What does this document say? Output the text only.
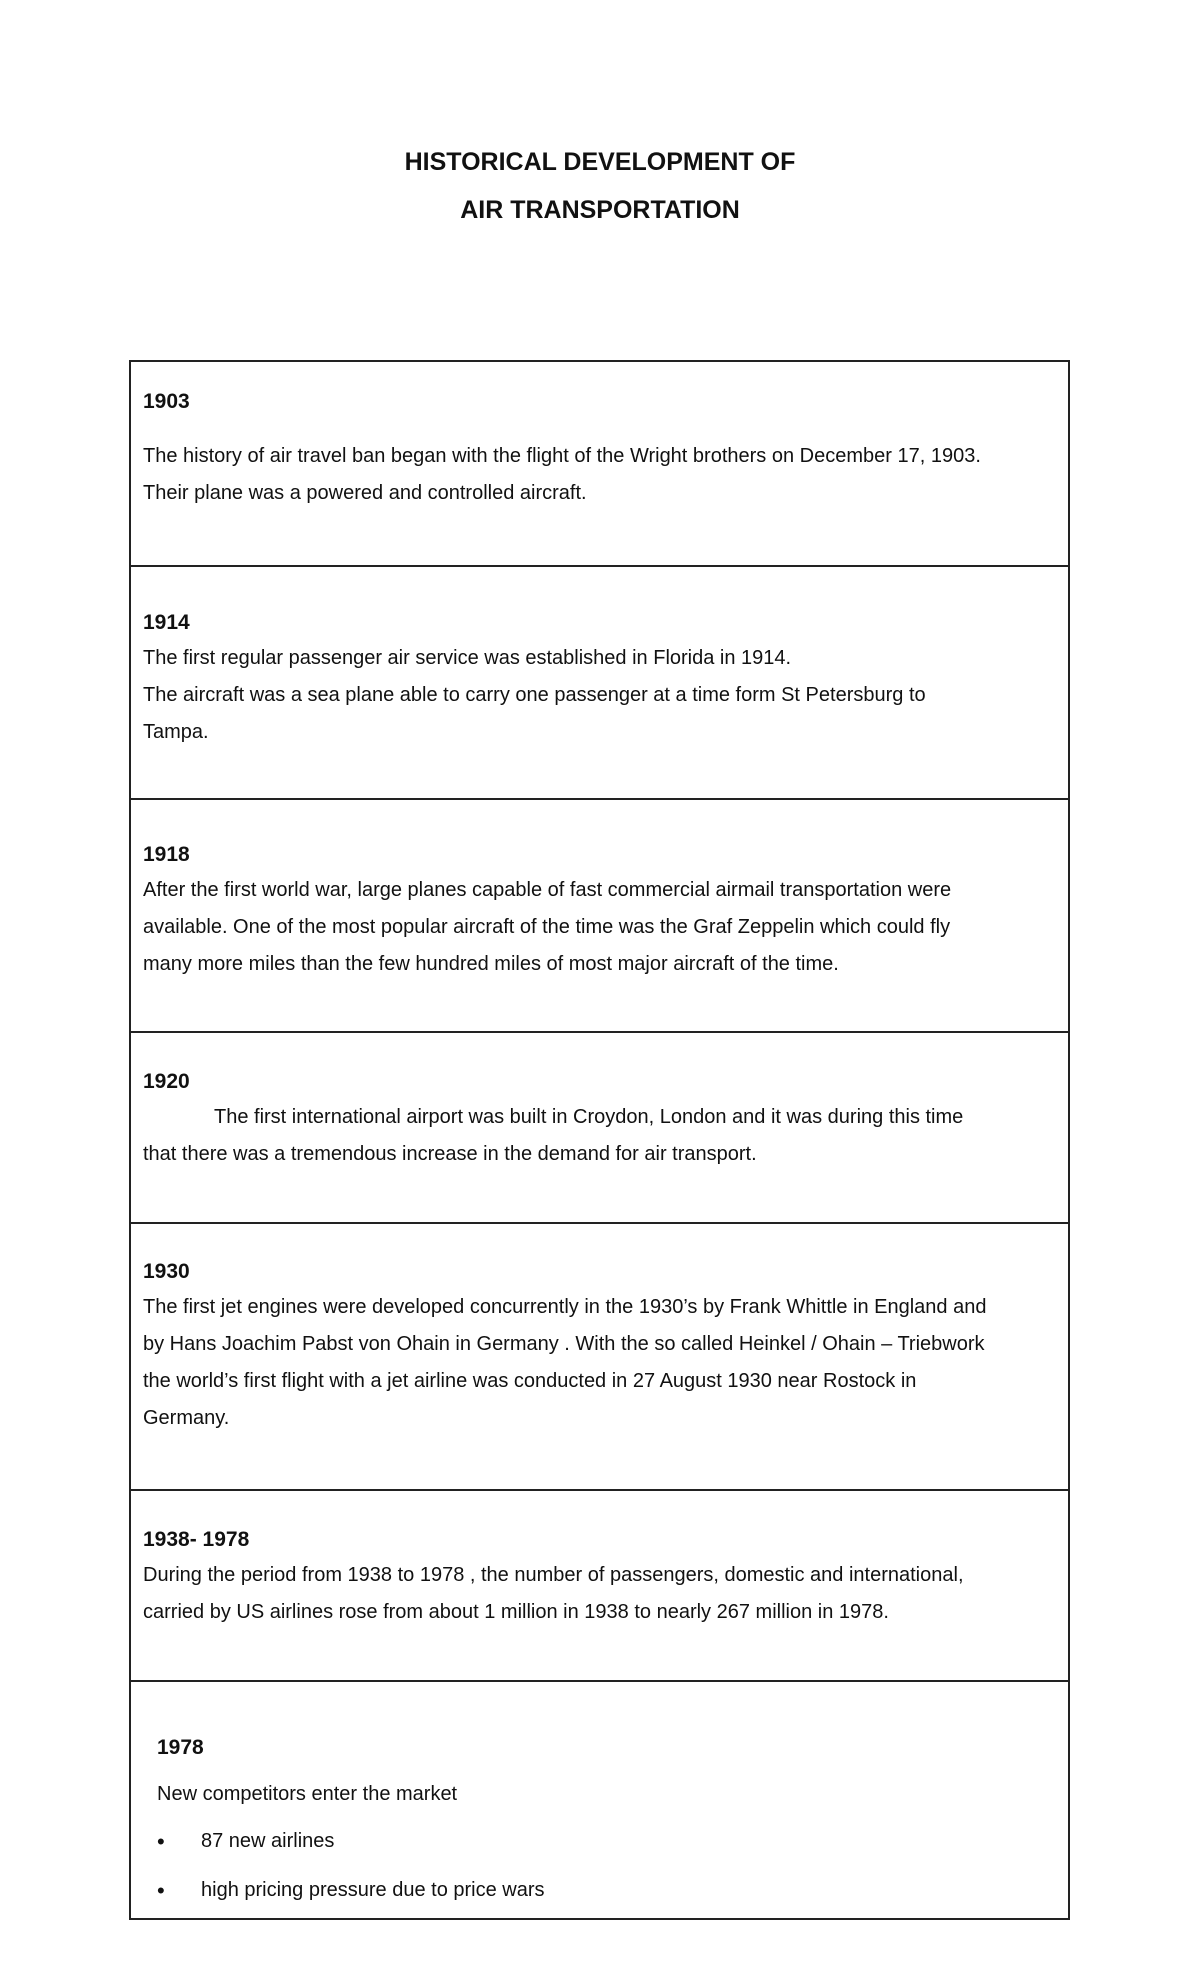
HISTORICAL DEVELOPMENT OF
AIR TRANSPORTATION
1903

The history of air travel ban began with the flight of the Wright brothers on December 17, 1903.
Their plane was a powered and controlled aircraft.

1914

The first regular passenger air service was established in Florida in 1914.
The aircraft was a sea plane able to carry one passenger at a time form St Petersburg to
Tampa.

1918

After the first world war, large planes capable of fast commercial airmail transportation were
available. One of the most popular aircraft of the time was the Graf Zeppelin which could fly
many more miles than the few hundred miles of most major aircraft of the time.

1920

The first international airport was built in Croydon, London and it was during this time
that there was a tremendous increase in the demand for air transport.

1930

The first jet engines were developed concurrently in the 1930’s by Frank Whittle in England and
by Hans Joachim Pabst von Ohain in Germany . With the so called Heinkel / Ohain – Triebwork
the world’s first flight with a jet airline was conducted in 27 August 1930 near Rostock in
Germany.

1938- 1978

During the period from 1938 to 1978 , the number of passengers, domestic and international,
carried by US airlines rose from about 1 million in 1938 to nearly 267 million in 1978.

1978

New competitors enter the market

• 87 new airlines
• high pricing pressure due to price wars
